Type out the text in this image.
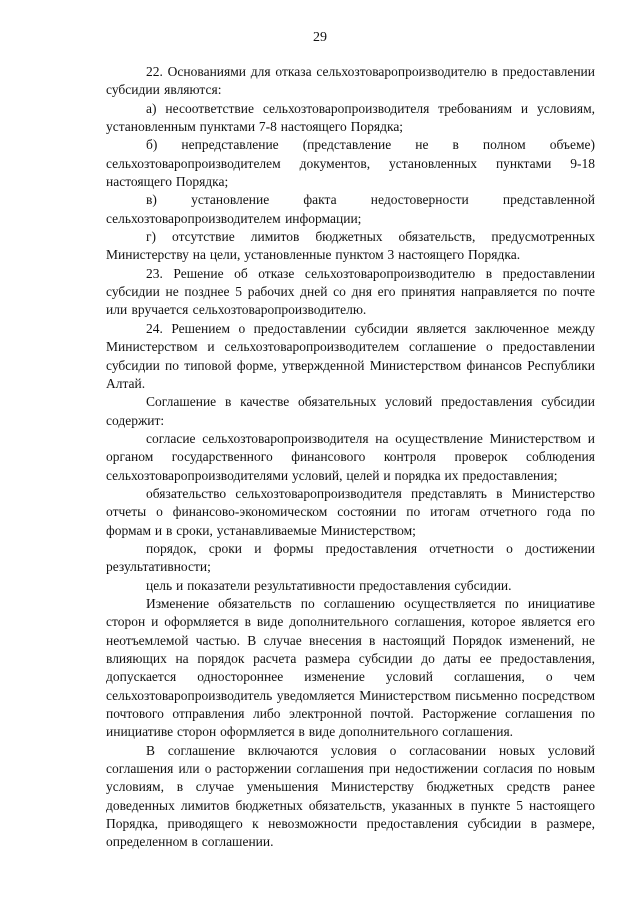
29

22. Основаниями для отказа сельхозтоваропроизводителю в предоставлении субсидии являются:

а) несоответствие сельхозтоваропроизводителя требованиям и условиям, установленным пунктами 7-8 настоящего Порядка;

б) непредставление (представление не в полном объеме) сельхозтоваропроизводителем документов, установленных пунктами 9-18 настоящего Порядка;

в) установление факта недостоверности представленной сельхозтоваропроизводителем информации;

г) отсутствие лимитов бюджетных обязательств, предусмотренных Министерству на цели, установленные пунктом 3 настоящего Порядка.

23. Решение об отказе сельхозтоваропроизводителю в предоставлении субсидии не позднее 5 рабочих дней со дня его принятия направляется по почте или вручается сельхозтоваропроизводителю.

24. Решением о предоставлении субсидии является заключенное между Министерством и сельхозтоваропроизводителем соглашение о предоставлении субсидии по типовой форме, утвержденной Министерством финансов Республики Алтай.

Соглашение в качестве обязательных условий предоставления субсидии содержит:

согласие сельхозтоваропроизводителя на осуществление Министерством и органом государственного финансового контроля проверок соблюдения сельхозтоваропроизводителями условий, целей и порядка их предоставления;

обязательство сельхозтоваропроизводителя представлять в Министерство отчеты о финансово-экономическом состоянии по итогам отчетного года по формам и в сроки, устанавливаемые Министерством;

порядок, сроки и формы предоставления отчетности о достижении результативности;

цель и показатели результативности предоставления субсидии.

Изменение обязательств по соглашению осуществляется по инициативе сторон и оформляется в виде дополнительного соглашения, которое является его неотъемлемой частью. В случае внесения в настоящий Порядок изменений, не влияющих на порядок расчета размера субсидии до даты ее предоставления, допускается одностороннее изменение условий соглашения, о чем сельхозтоваропроизводитель уведомляется Министерством письменно посредством почтового отправления либо электронной почтой. Расторжение соглашения по инициативе сторон оформляется в виде дополнительного соглашения.

В соглашение включаются условия о согласовании новых условий соглашения или о расторжении соглашения при недостижении согласия по новым условиям, в случае уменьшения Министерству бюджетных средств ранее доведенных лимитов бюджетных обязательств, указанных в пункте 5 настоящего Порядка, приводящего к невозможности предоставления субсидии в размере, определенном в соглашении.
